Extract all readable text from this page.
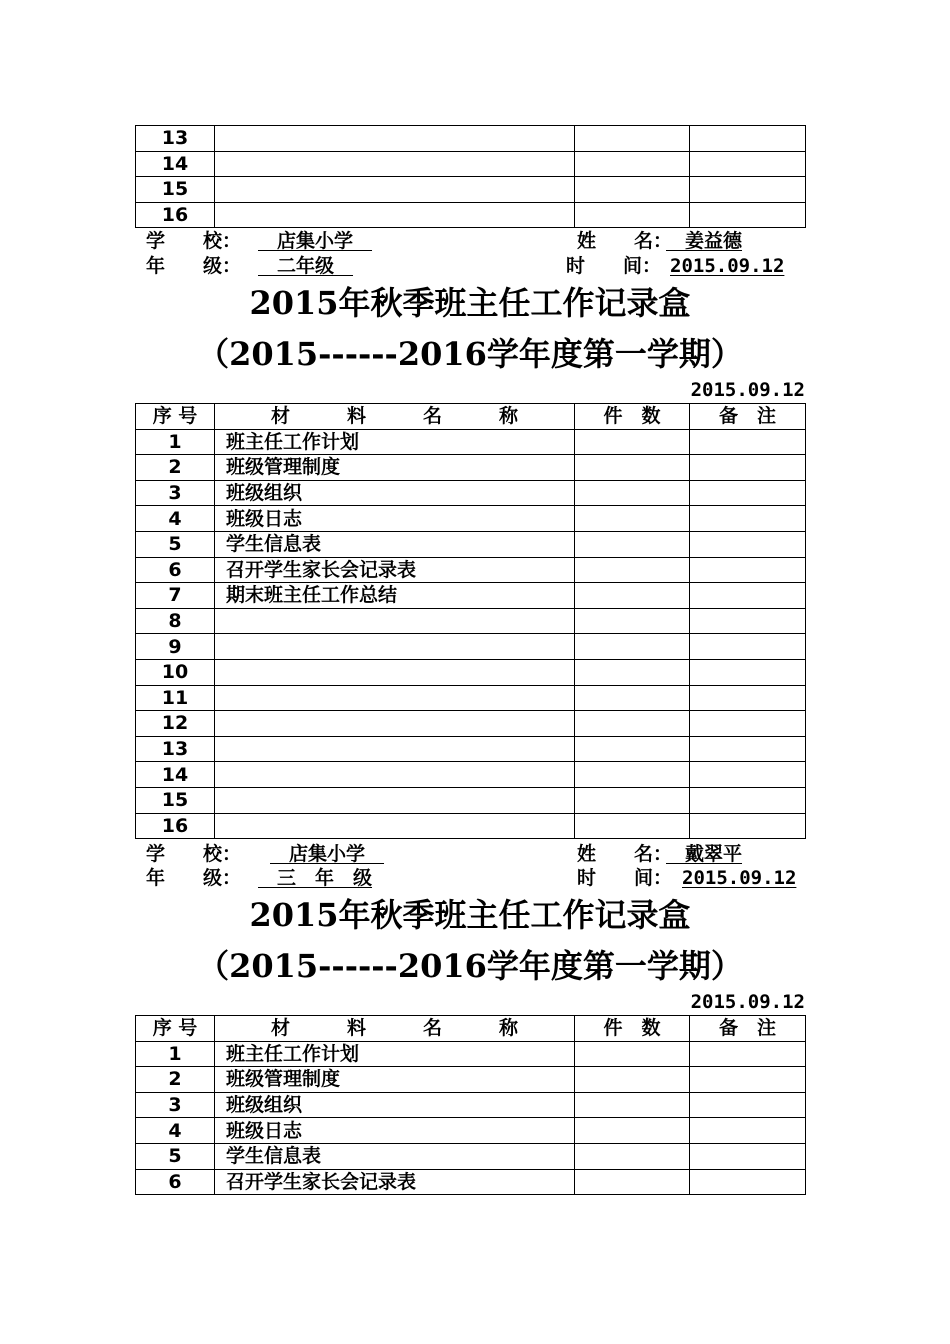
13			
14			
15			
16			
学　　校： 　店集小学　	姓　　名：
　姜益德
年　　级： 　二年级　	时　　间： 2015.09.12
2015年秋季班主任工作记录盒
（2015------2016学年度第一学期）
2015.09.12
序 号	材　　　料　　　名　　　称	件　数	备　注
1	班主任工作计划		
2	班级管理制度		
3	班级组织		
4	班级日志		
5	学生信息表		
6	召开学生家长会记录表		
7	期末班主任工作总结		
8			
9			
10			
11			
12			
13			
14			
15			
16			
学　　校： 　店集小学　	姓　　名：
　戴翠平
年　　级： 　三　年　级	时　　间： 2015.09.12
2015年秋季班主任工作记录盒
（2015------2016学年度第一学期）
2015.09.12
序 号	材　　　料　　　名　　　称	件　数	备　注
1	班主任工作计划		
2	班级管理制度		
3	班级组织		
4	班级日志		
5	学生信息表		
6	召开学生家长会记录表		
